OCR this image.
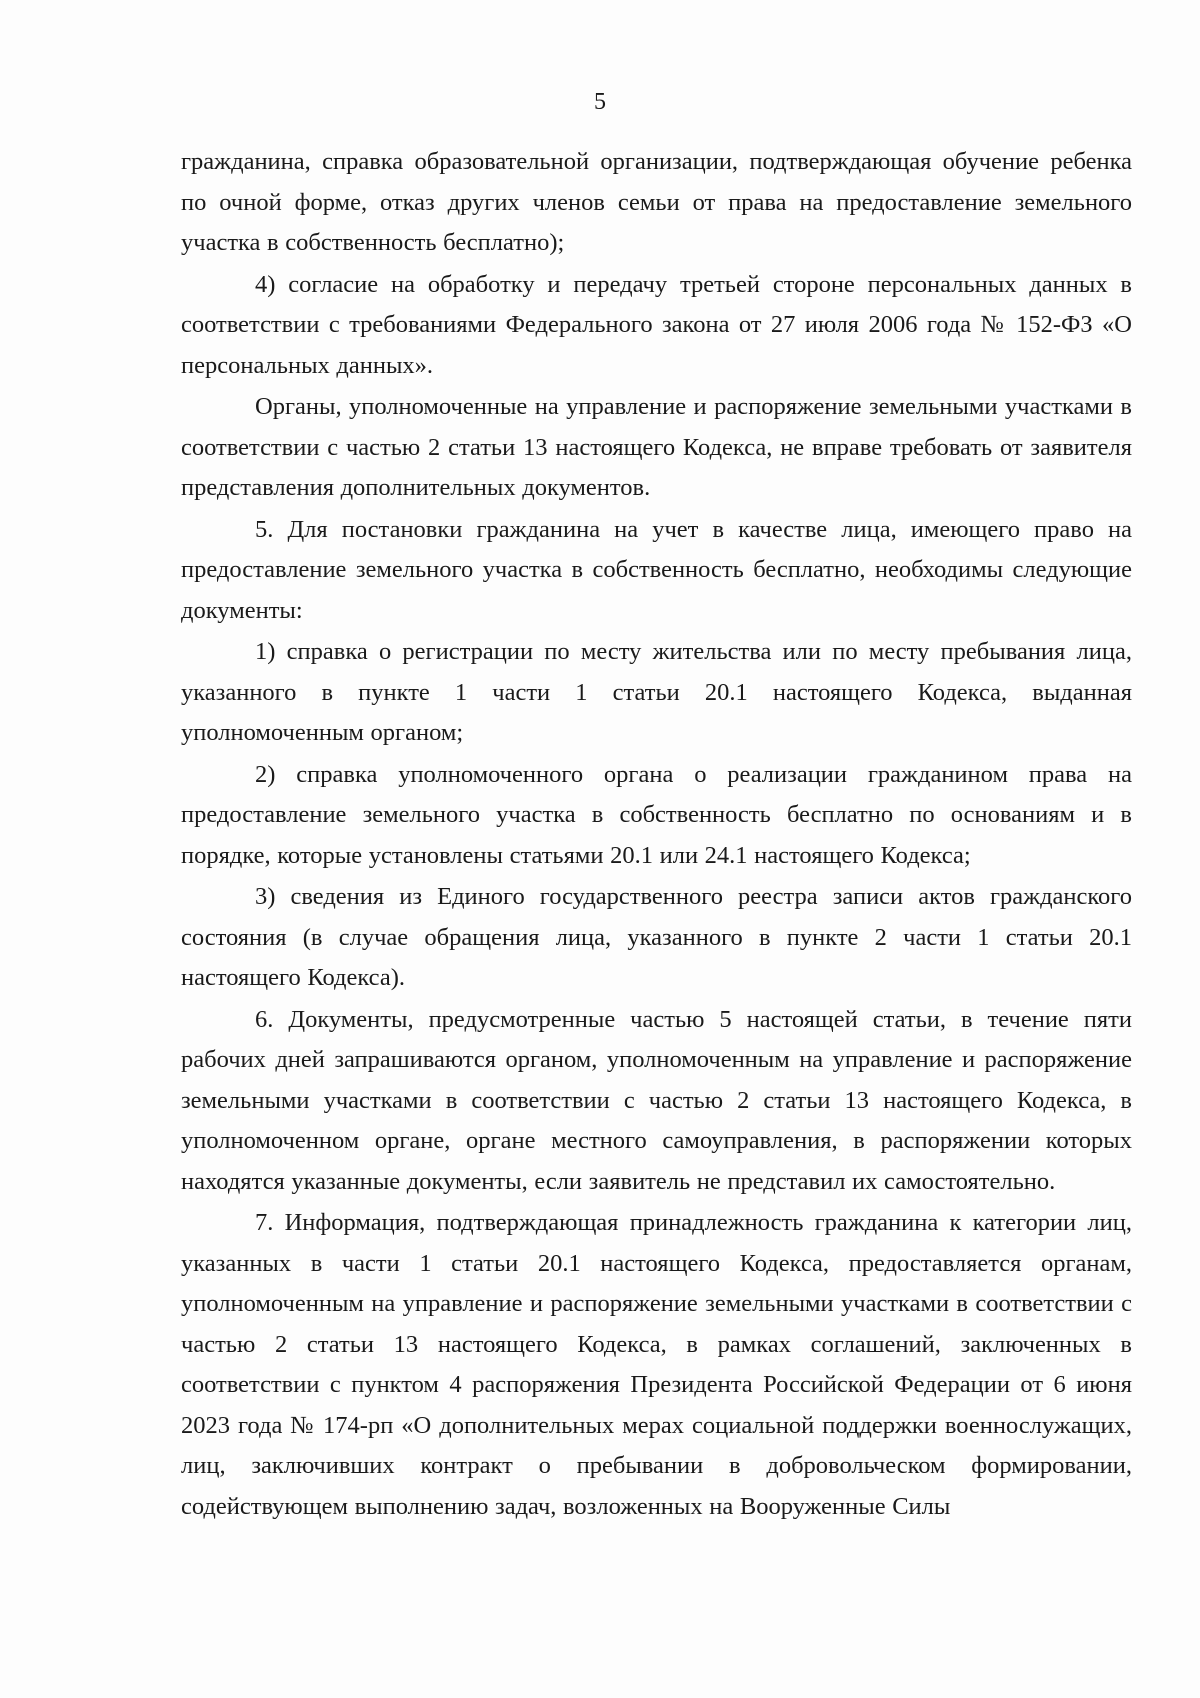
5

гражданина, справка образовательной организации, подтверждающая обучение ребенка по очной форме, отказ других членов семьи от права на предоставление земельного участка в собственность бесплатно);

4) согласие на обработку и передачу третьей стороне персональных данных в соответствии с требованиями Федерального закона от 27 июля 2006 года № 152-ФЗ «О персональных данных».

Органы, уполномоченные на управление и распоряжение земельными участками в соответствии с частью 2 статьи 13 настоящего Кодекса, не вправе требовать от заявителя представления дополнительных документов.

5. Для постановки гражданина на учет в качестве лица, имеющего право на предоставление земельного участка в собственность бесплатно, необходимы следующие документы:

1) справка о регистрации по месту жительства или по месту пребывания лица, указанного в пункте 1 части 1 статьи 20.1 настоящего Кодекса, выданная уполномоченным органом;

2) справка уполномоченного органа о реализации гражданином права на предоставление земельного участка в собственность бесплатно по основаниям и в порядке, которые установлены статьями 20.1 или 24.1 настоящего Кодекса;

3) сведения из Единого государственного реестра записи актов гражданского состояния (в случае обращения лица, указанного в пункте 2 части 1 статьи 20.1 настоящего Кодекса).

6. Документы, предусмотренные частью 5 настоящей статьи, в течение пяти рабочих дней запрашиваются органом, уполномоченным на управление и распоряжение земельными участками в соответствии с частью 2 статьи 13 настоящего Кодекса, в уполномоченном органе, органе местного самоуправления, в распоряжении которых находятся указанные документы, если заявитель не представил их самостоятельно.

7. Информация, подтверждающая принадлежность гражданина к категории лиц, указанных в части 1 статьи 20.1 настоящего Кодекса, предоставляется органам, уполномоченным на управление и распоряжение земельными участками в соответствии с частью 2 статьи 13 настоящего Кодекса, в рамках соглашений, заключенных в соответствии с пунктом 4 распоряжения Президента Российской Федерации от 6 июня 2023 года № 174-рп «О дополнительных мерах социальной поддержки военнослужащих, лиц, заключивших контракт о пребывании в добровольческом формировании, содействующем выполнению задач, возложенных на Вооруженные Силы
